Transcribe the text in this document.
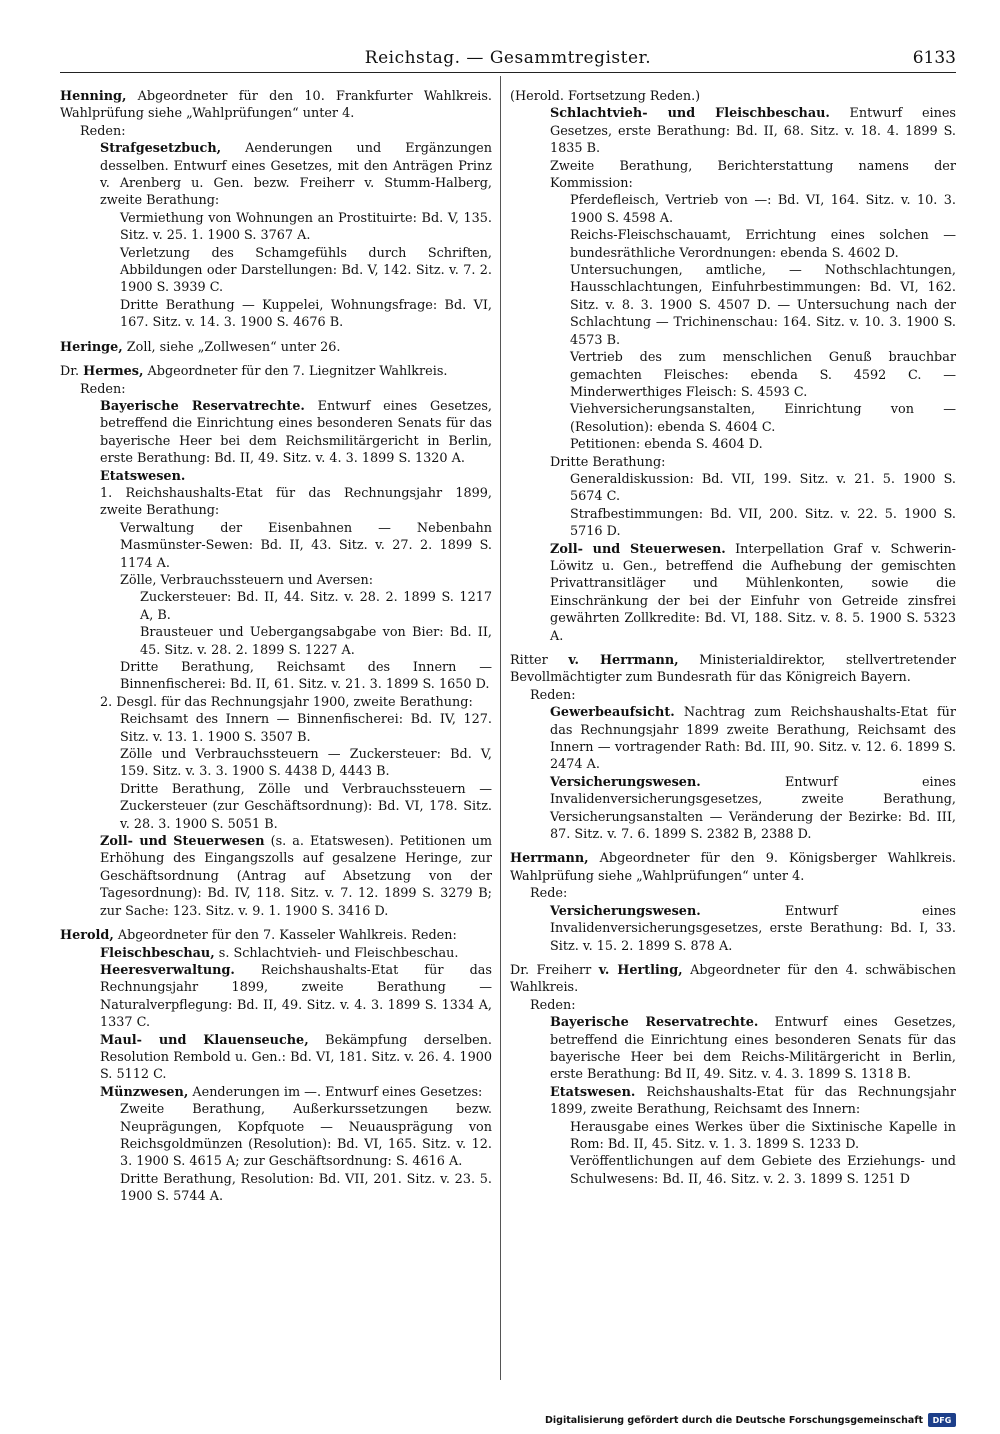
Reichstag. — Gesammtregister.	6133

Henning, Abgeordneter für den 10. Frankfurter Wahlkreis. Wahlprüfung siehe „Wahlprüfungen“ unter 4.

Reden:

Strafgesetzbuch, Aenderungen und Ergänzungen desselben. Entwurf eines Gesetzes, mit den Anträgen Prinz v. Arenberg u. Gen. bezw. Freiherr v. Stumm-Halberg, zweite Berathung:

Vermiethung von Wohnungen an Prostituirte: Bd. V, 135. Sitz. v. 25. 1. 1900 S. 3767 A.

Verletzung des Schamgefühls durch Schriften, Abbildungen oder Darstellungen: Bd. V, 142. Sitz. v. 7. 2. 1900 S. 3939 C.

Dritte Berathung — Kuppelei, Wohnungsfrage: Bd. VI, 167. Sitz. v. 14. 3. 1900 S. 4676 B.

Heringe, Zoll, siehe „Zollwesen“ unter 26.

Dr. Hermes, Abgeordneter für den 7. Liegnitzer Wahlkreis.

Reden:

Bayerische Reservatrechte. Entwurf eines Gesetzes, betreffend die Einrichtung eines besonderen Senats für das bayerische Heer bei dem Reichsmilitärgericht in Berlin, erste Berathung: Bd. II, 49. Sitz. v. 4. 3. 1899 S. 1320 A.

Etatswesen.

1. Reichshaushalts-Etat für das Rechnungsjahr 1899, zweite Berathung:

Verwaltung der Eisenbahnen — Nebenbahn Masmünster-Sewen: Bd. II, 43. Sitz. v. 27. 2. 1899 S. 1174 A.

Zölle, Verbrauchssteuern und Aversen:

Zuckersteuer: Bd. II, 44. Sitz. v. 28. 2. 1899 S. 1217 A, B.

Brausteuer und Uebergangsabgabe von Bier: Bd. II, 45. Sitz. v. 28. 2. 1899 S. 1227 A.

Dritte Berathung, Reichsamt des Innern — Binnenfischerei: Bd. II, 61. Sitz. v. 21. 3. 1899 S. 1650 D.

2. Desgl. für das Rechnungsjahr 1900, zweite Berathung:

Reichsamt des Innern — Binnenfischerei: Bd. IV, 127. Sitz. v. 13. 1. 1900 S. 3507 B.

Zölle und Verbrauchssteuern — Zuckersteuer: Bd. V, 159. Sitz. v. 3. 3. 1900 S. 4438 D, 4443 B.

Dritte Berathung, Zölle und Verbrauchssteuern — Zuckersteuer (zur Geschäftsordnung): Bd. VI, 178. Sitz. v. 28. 3. 1900 S. 5051 B.

Zoll- und Steuerwesen (s. a. Etatswesen). Petitionen um Erhöhung des Eingangszolls auf gesalzene Heringe, zur Geschäftsordnung (Antrag auf Absetzung von der Tagesordnung): Bd. IV, 118. Sitz. v. 7. 12. 1899 S. 3279 B; zur Sache: 123. Sitz. v. 9. 1. 1900 S. 3416 D.

Herold, Abgeordneter für den 7. Kasseler Wahlkreis. Reden:

Fleischbeschau, s. Schlachtvieh- und Fleischbeschau.

Heeresverwaltung. Reichshaushalts-Etat für das Rechnungsjahr 1899, zweite Berathung — Naturalverpflegung: Bd. II, 49. Sitz. v. 4. 3. 1899 S. 1334 A, 1337 C.

Maul- und Klauenseuche, Bekämpfung derselben. Resolution Rembold u. Gen.: Bd. VI, 181. Sitz. v. 26. 4. 1900 S. 5112 C.

Münzwesen, Aenderungen im —. Entwurf eines Gesetzes:

Zweite Berathung, Außerkurssetzungen bezw. Neuprägungen, Kopfquote — Neuausprägung von Reichsgoldmünzen (Resolution): Bd. VI, 165. Sitz. v. 12. 3. 1900 S. 4615 A; zur Geschäftsordnung: S. 4616 A.

Dritte Berathung, Resolution: Bd. VII, 201. Sitz. v. 23. 5. 1900 S. 5744 A.

(Herold. Fortsetzung Reden.)

Schlachtvieh- und Fleischbeschau. Entwurf eines Gesetzes, erste Berathung: Bd. II, 68. Sitz. v. 18. 4. 1899 S. 1835 B.

Zweite Berathung, Berichterstattung namens der Kommission:

Pferdefleisch, Vertrieb von —: Bd. VI, 164. Sitz. v. 10. 3. 1900 S. 4598 A.

Reichs-Fleischschauamt, Errichtung eines solchen — bundesräthliche Verordnungen: ebenda S. 4602 D.

Untersuchungen, amtliche, — Nothschlachtungen, Hausschlachtungen, Einfuhrbestimmungen: Bd. VI, 162. Sitz. v. 8. 3. 1900 S. 4507 D. — Untersuchung nach der Schlachtung — Trichinenschau: 164. Sitz. v. 10. 3. 1900 S. 4573 B.

Vertrieb des zum menschlichen Genuß brauchbar gemachten Fleisches: ebenda S. 4592 C. — Minderwerthiges Fleisch: S. 4593 C.

Viehversicherungsanstalten, Einrichtung von — (Resolution): ebenda S. 4604 C.

Petitionen: ebenda S. 4604 D.

Dritte Berathung:

Generaldiskussion: Bd. VII, 199. Sitz. v. 21. 5. 1900 S. 5674 C.

Strafbestimmungen: Bd. VII, 200. Sitz. v. 22. 5. 1900 S. 5716 D.

Zoll- und Steuerwesen. Interpellation Graf v. Schwerin-Löwitz u. Gen., betreffend die Aufhebung der gemischten Privattransitläger und Mühlenkonten, sowie die Einschränkung der bei der Einfuhr von Getreide zinsfrei gewährten Zollkredite: Bd. VI, 188. Sitz. v. 8. 5. 1900 S. 5323 A.

Ritter v. Herrmann, Ministerialdirektor, stellvertretender Bevollmächtigter zum Bundesrath für das Königreich Bayern.

Reden:

Gewerbeaufsicht. Nachtrag zum Reichshaushalts-Etat für das Rechnungsjahr 1899 zweite Berathung, Reichsamt des Innern — vortragender Rath: Bd. III, 90. Sitz. v. 12. 6. 1899 S. 2474 A.

Versicherungswesen. Entwurf eines Invalidenversicherungsgesetzes, zweite Berathung, Versicherungsanstalten — Veränderung der Bezirke: Bd. III, 87. Sitz. v. 7. 6. 1899 S. 2382 B, 2388 D.

Herrmann, Abgeordneter für den 9. Königsberger Wahlkreis. Wahlprüfung siehe „Wahlprüfungen“ unter 4.

Rede:

Versicherungswesen. Entwurf eines Invalidenversicherungsgesetzes, erste Berathung: Bd. I, 33. Sitz. v. 15. 2. 1899 S. 878 A.

Dr. Freiherr v. Hertling, Abgeordneter für den 4. schwäbischen Wahlkreis.

Reden:

Bayerische Reservatrechte. Entwurf eines Gesetzes, betreffend die Einrichtung eines besonderen Senats für das bayerische Heer bei dem Reichs-Militärgericht in Berlin, erste Berathung: Bd II, 49. Sitz. v. 4. 3. 1899 S. 1318 B.

Etatswesen. Reichshaushalts-Etat für das Rechnungsjahr 1899, zweite Berathung, Reichsamt des Innern:

Herausgabe eines Werkes über die Sixtinische Kapelle in Rom: Bd. II, 45. Sitz. v. 1. 3. 1899 S. 1233 D.

Veröffentlichungen auf dem Gebiete des Erziehungs- und Schulwesens: Bd. II, 46. Sitz. v. 2. 3. 1899 S. 1251 D

Digitalisierung gefördert durch die Deutsche Forschungsgemeinschaft	DFG
